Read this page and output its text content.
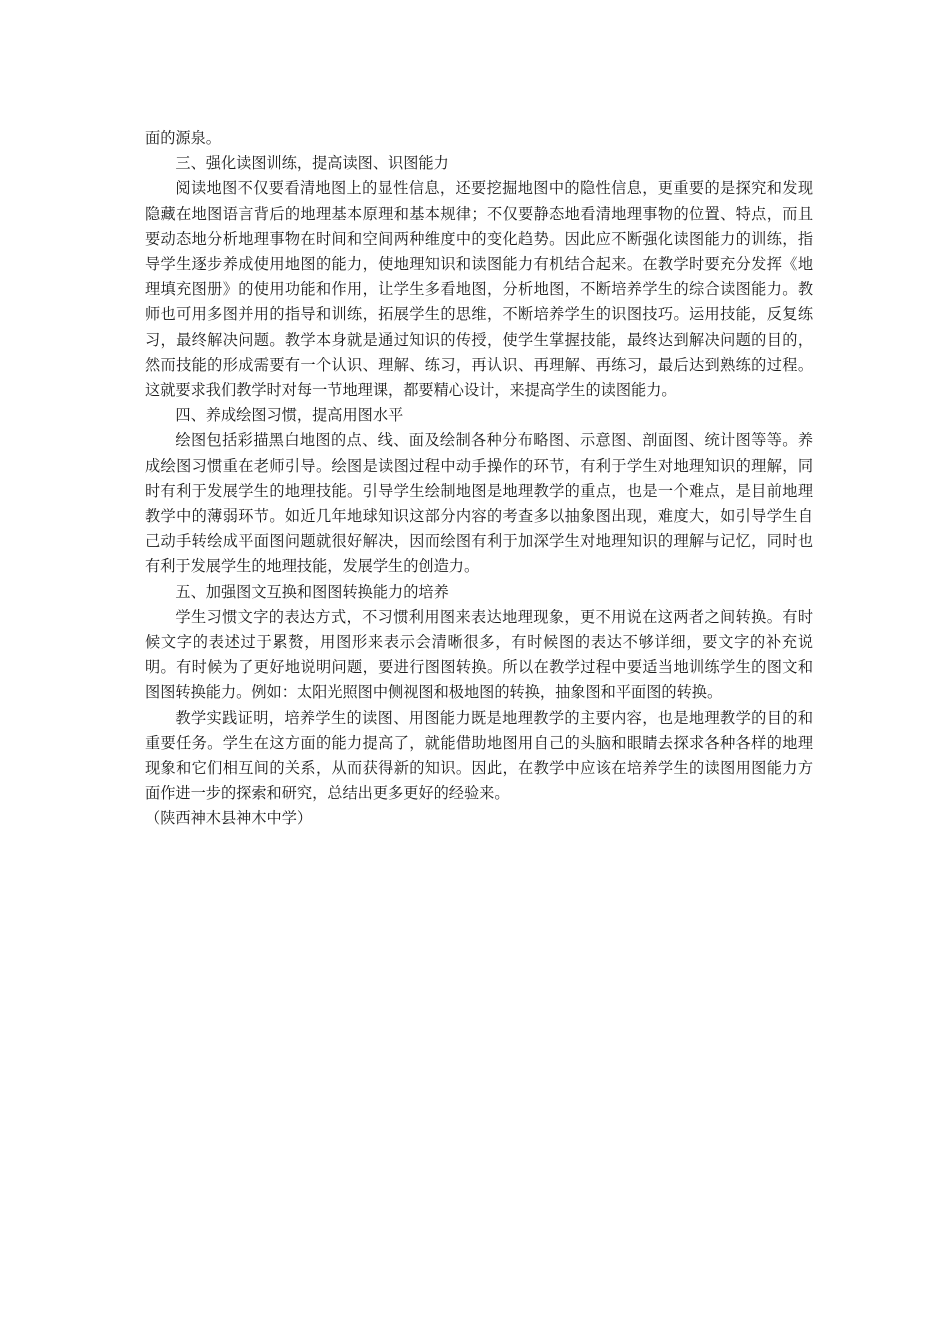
面的源泉。

三、强化读图训练，提高读图、识图能力

阅读地图不仅要看清地图上的显性信息，还要挖掘地图中的隐性信息，更重要的是探究和发现隐藏在地图语言背后的地理基本原理和基本规律；不仅要静态地看清地理事物的位置、特点，而且要动态地分析地理事物在时间和空间两种维度中的变化趋势。因此应不断强化读图能力的训练，指导学生逐步养成使用地图的能力，使地理知识和读图能力有机结合起来。在教学时要充分发挥《地理填充图册》的使用功能和作用，让学生多看地图，分析地图，不断培养学生的综合读图能力。教师也可用多图并用的指导和训练，拓展学生的思维，不断培养学生的识图技巧。运用技能，反复练习，最终解决问题。教学本身就是通过知识的传授，使学生掌握技能，最终达到解决问题的目的，然而技能的形成需要有一个认识、理解、练习，再认识、再理解、再练习，最后达到熟练的过程。这就要求我们教学时对每一节地理课，都要精心设计，来提高学生的读图能力。

四、养成绘图习惯，提高用图水平

绘图包括彩描黑白地图的点、线、面及绘制各种分布略图、示意图、剖面图、统计图等等。养成绘图习惯重在老师引导。绘图是读图过程中动手操作的环节，有利于学生对地理知识的理解，同时有利于发展学生的地理技能。引导学生绘制地图是地理教学的重点，也是一个难点，是目前地理教学中的薄弱环节。如近几年地球知识这部分内容的考查多以抽象图出现，难度大，如引导学生自己动手转绘成平面图问题就很好解决，因而绘图有利于加深学生对地理知识的理解与记忆，同时也有利于发展学生的地理技能，发展学生的创造力。

五、加强图文互换和图图转换能力的培养

学生习惯文字的表达方式，不习惯利用图来表达地理现象，更不用说在这两者之间转换。有时候文字的表述过于累赘，用图形来表示会清晰很多，有时候图的表达不够详细，要文字的补充说明。有时候为了更好地说明问题，要进行图图转换。所以在教学过程中要适当地训练学生的图文和图图转换能力。例如：太阳光照图中侧视图和极地图的转换，抽象图和平面图的转换。

教学实践证明，培养学生的读图、用图能力既是地理教学的主要内容，也是地理教学的目的和重要任务。学生在这方面的能力提高了，就能借助地图用自己的头脑和眼睛去探求各种各样的地理现象和它们相互间的关系，从而获得新的知识。因此，在教学中应该在培养学生的读图用图能力方面作进一步的探索和研究，总结出更多更好的经验来。

（陕西神木县神木中学）
